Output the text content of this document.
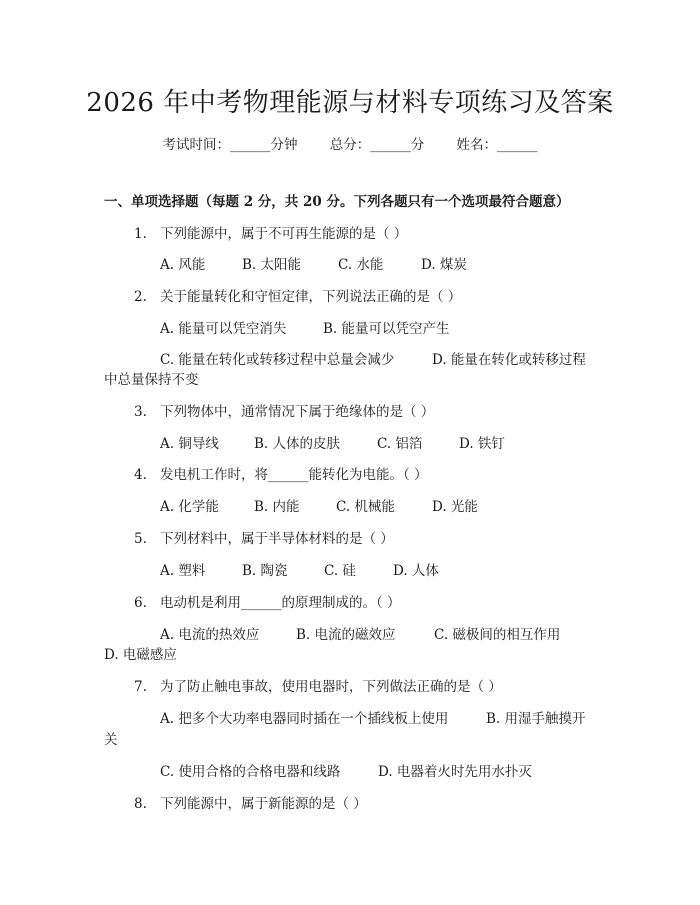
2026 年中考物理能源与材料专项练习及答案
考试时间：______分钟 总分：______分 姓名：______
一、单项选择题（每题 2 分，共 20 分。下列各题只有一个选项最符合题意）
1. 下列能源中，属于不可再生能源的是（ ）
A. 风能	B. 太阳能	C. 水能	D. 煤炭
2. 关于能量转化和守恒定律，下列说法正确的是（ ）
A. 能量可以凭空消失	B. 能量可以凭空产生
C. 能量在转化或转移过程中总量会减少	D. 能量在转化或转移过程
中总量保持不变
3. 下列物体中，通常情况下属于绝缘体的是（ ）
A. 铜导线	B. 人体的皮肤	C. 铝箔	D. 铁钉
4. 发电机工作时，将______能转化为电能。（ ）
A. 化学能	B. 内能	C. 机械能	D. 光能
5. 下列材料中，属于半导体材料的是（ ）
A. 塑料	B. 陶瓷	C. 硅	D. 人体
6. 电动机是利用______的原理制成的。（ ）
A. 电流的热效应	B. 电流的磁效应	C. 磁极间的相互作用
D. 电磁感应
7. 为了防止触电事故，使用电器时，下列做法正确的是（ ）
A. 把多个大功率电器同时插在一个插线板上使用	B. 用湿手触摸开
关
C. 使用合格的合格电器和线路	D. 电器着火时先用水扑灭
8. 下列能源中，属于新能源的是（ ）
